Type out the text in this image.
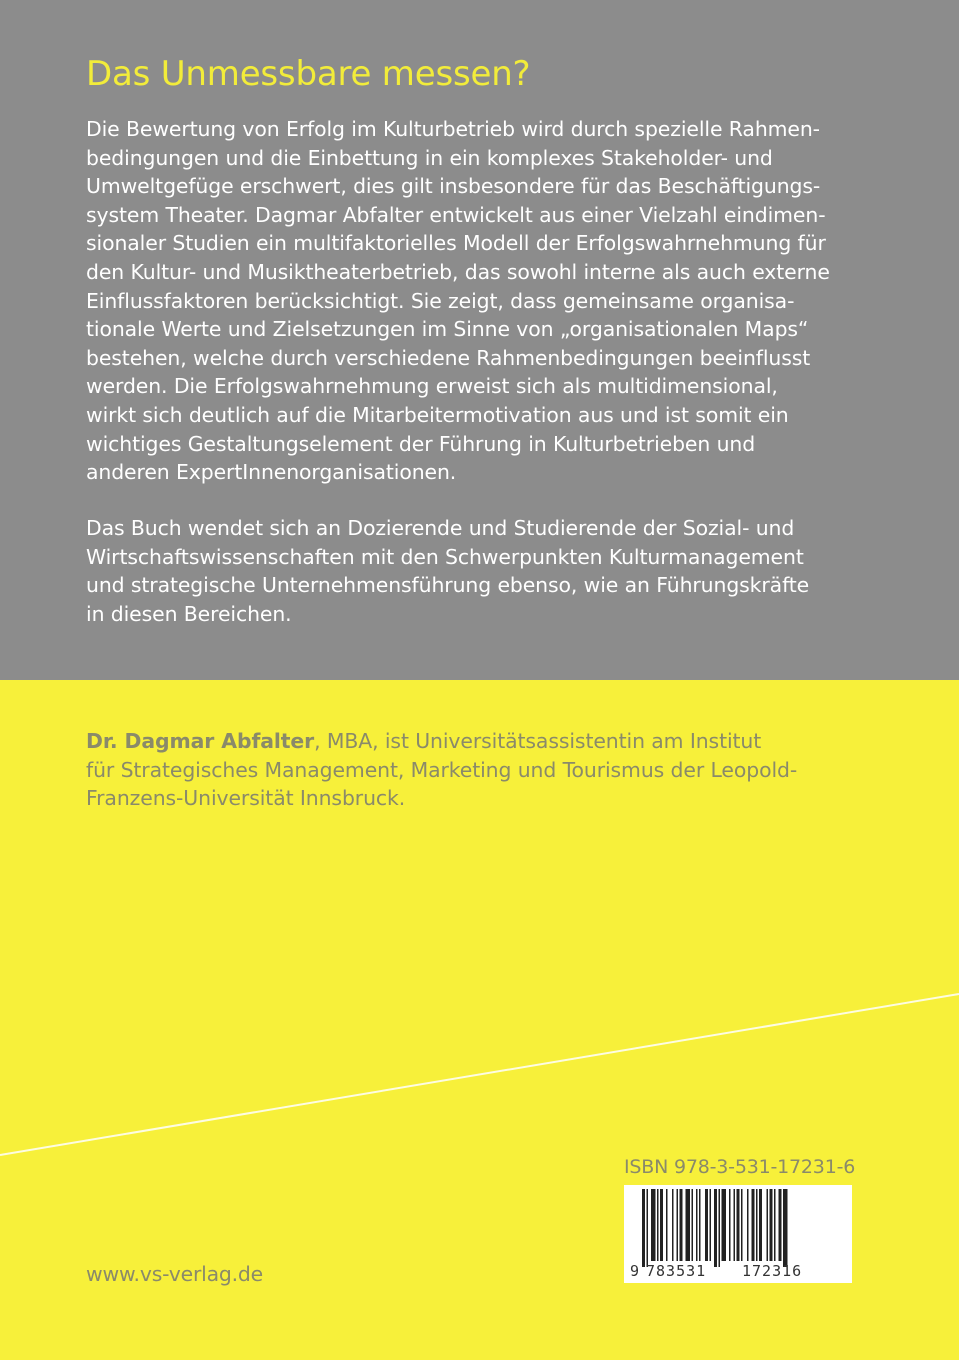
Das Unmessbare messen?
Die Bewertung von Erfolg im Kulturbetrieb wird durch spezielle Rahmen-
bedingungen und die Einbettung in ein komplexes Stakeholder- und
Umweltgefüge erschwert, dies gilt insbesondere für das Beschäftigungs-
system Theater. Dagmar Abfalter entwickelt aus einer Vielzahl eindimen-
sionaler Studien ein multifaktorielles Modell der Erfolgswahrnehmung für
den Kultur- und Musiktheaterbetrieb, das sowohl interne als auch externe
Einflussfaktoren berücksichtigt. Sie zeigt, dass gemeinsame organisa-
tionale Werte und Zielsetzungen im Sinne von „organisationalen Maps“
bestehen, welche durch verschiedene Rahmenbedingungen beeinflusst
werden. Die Erfolgswahrnehmung erweist sich als multidimensional,
wirkt sich deutlich auf die Mitarbeitermotivation aus und ist somit ein
wichtiges Gestaltungselement der Führung in Kulturbetrieben und
anderen ExpertInnenorganisationen.
Das Buch wendet sich an Dozierende und Studierende der Sozial- und
Wirtschaftswissenschaften mit den Schwerpunkten Kulturmanagement
und strategische Unternehmensführung ebenso, wie an Führungskräfte
in diesen Bereichen.
Dr. Dagmar Abfalter, MBA, ist Universitätsassistentin am Institut
für Strategisches Management, Marketing und Tourismus der Leopold-
Franzens-Universität Innsbruck.
ISBN 978-3-531-17231-6
9 783531 172316
www.vs-verlag.de
